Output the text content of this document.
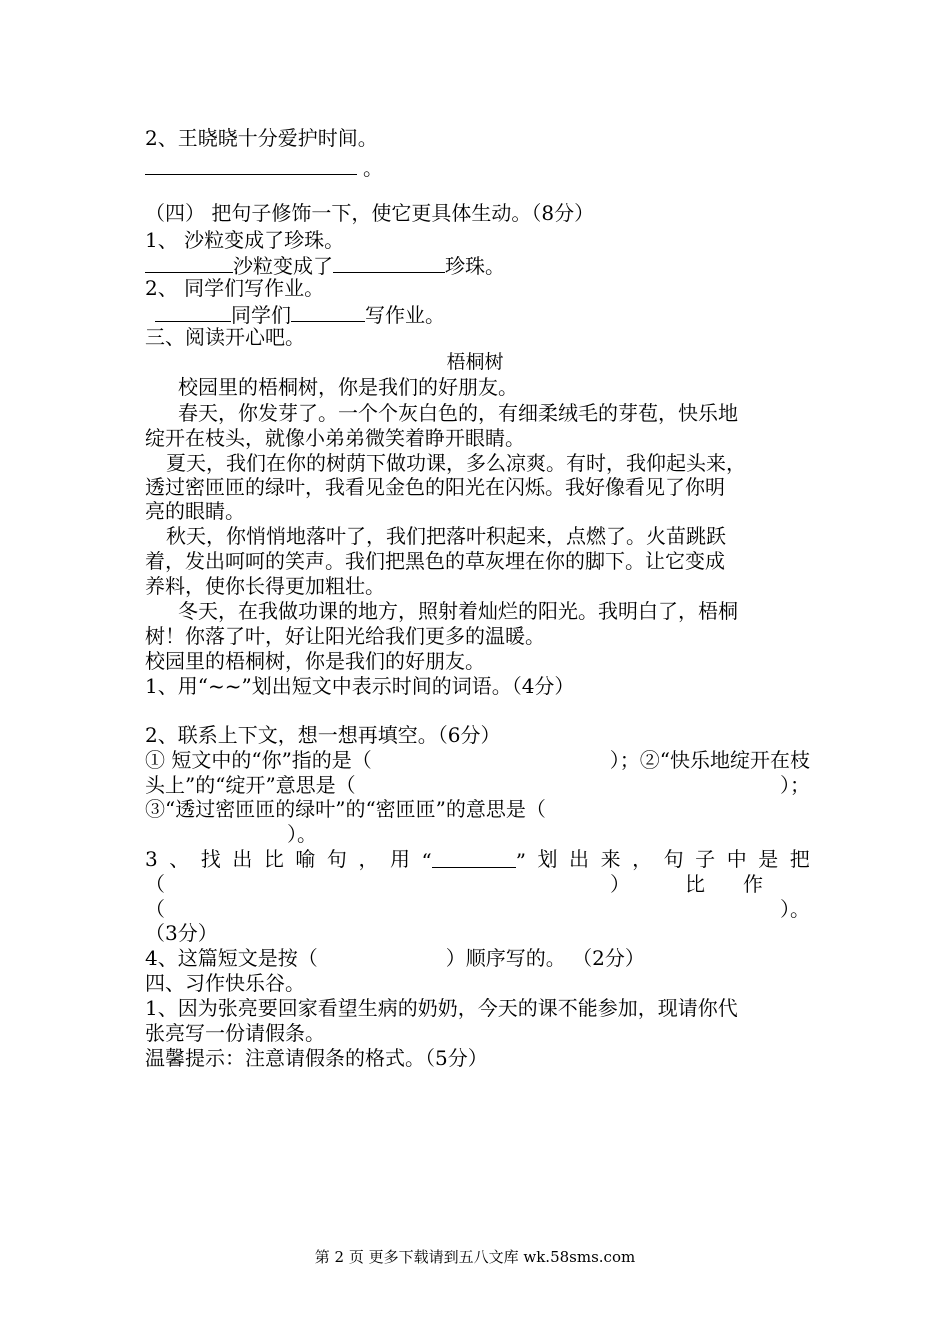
2、王晓晓十分爱护时间。
。
（四） 把句子修饰一下，使它更具体生动。（8分）
1、 沙粒变成了珍珠。
沙粒变成了	珍珠。
2、 同学们写作业。
同学们	写作业。
三、阅读开心吧。
梧桐树
校园里的梧桐树，你是我们的好朋友。
春天，你发芽了。一个个灰白色的，有细柔绒毛的芽苞，快乐地
绽开在枝头，就像小弟弟微笑着睁开眼睛。
夏天，我们在你的树荫下做功课，多么凉爽。有时，我仰起头来，
透过密匝匝的绿叶，我看见金色的阳光在闪烁。我好像看见了你明
亮的眼睛。
秋天，你悄悄地落叶了，我们把落叶积起来，点燃了。火苗跳跃
着，发出呵呵的笑声。我们把黑色的草灰埋在你的脚下。让它变成
养料，使你长得更加粗壮。
冬天，在我做功课的地方，照射着灿烂的阳光。我明白了，梧桐
树！你落了叶，好让阳光给我们更多的温暖。
校园里的梧桐树，你是我们的好朋友。
1、用“~~”划出短文中表示时间的词语。（4分）
2、联系上下文，想一想再填空。（6分）
① 短文中的“你”指的是（	）；②“快乐地绽开在枝
头上”的“绽开”意思是（	）；
③“透过密匝匝的绿叶”的“密匝匝”的意思是（
）。
3 、 找 出 比 喻 句 ， 用 “	” 划 出 来 ， 句 子 中 是 把
（	）	比 作
（	）。
（3分）
4、这篇短文是按（	）顺序写的。 （2分）
四、习作快乐谷。
1、因为张亮要回家看望生病的奶奶，今天的课不能参加，现请你代
张亮写一份请假条。
温馨提示：注意请假条的格式。（5分）
第 2 页 更多下载请到五八文库 wk.58sms.com
